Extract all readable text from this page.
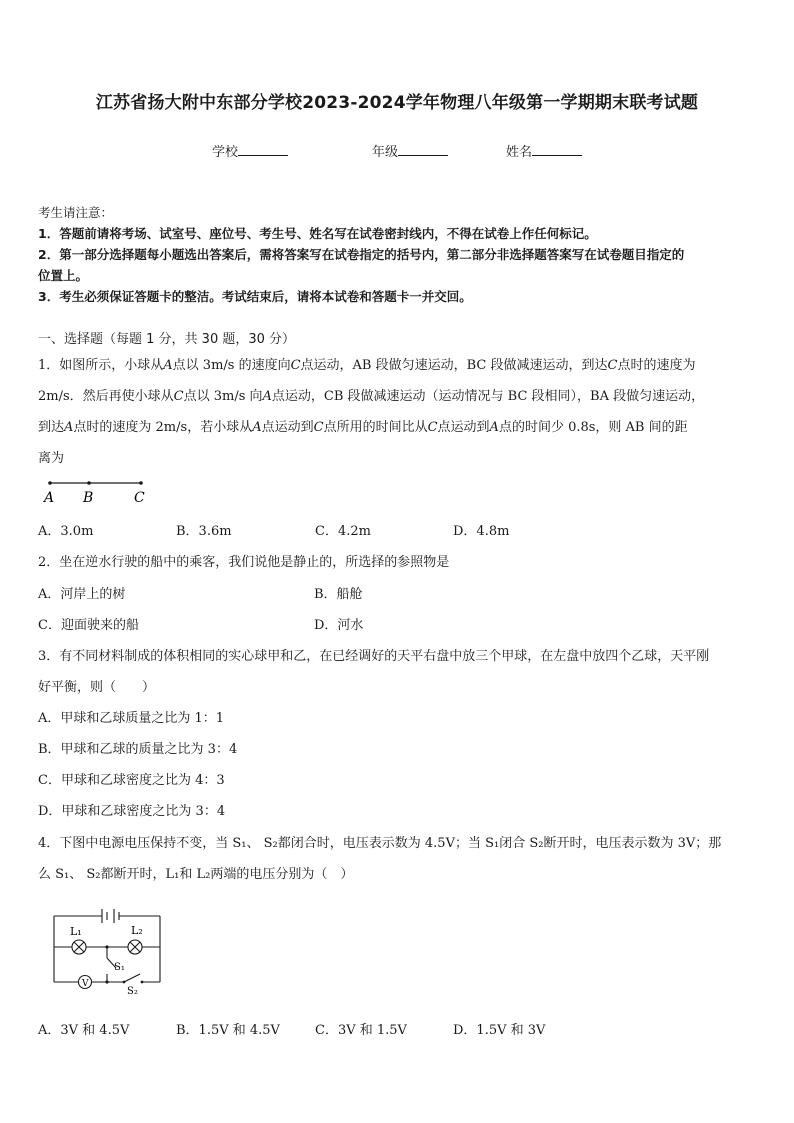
江苏省扬大附中东部分学校2023-2024学年物理八年级第一学期期末联考试题
学校	年级	姓名
考生请注意：
1．答题前请将考场、试室号、座位号、考生号、姓名写在试卷密封线内，不得在试卷上作任何标记。
2．第一部分选择题每小题选出答案后，需将答案写在试卷指定的括号内，第二部分非选择题答案写在试卷题目指定的
位置上。
3．考生必须保证答题卡的整洁。考试结束后，请将本试卷和答题卡一并交回。
一、选择题（每题 1 分，共 30 题，30 分）
1．如图所示，小球从A点以 3m/s 的速度向C点运动，AB 段做匀速运动，BC 段做减速运动，到达C点时的速度为
2m/s．然后再使小球从C点以 3m/s 向A点运动，CB 段做减速运动（运动情况与 BC 段相同），BA 段做匀速运动，
到达A点时的速度为 2m/s，若小球从A点运动到C点所用的时间比从C点运动到A点的时间少 0.8s，则 AB 间的距
离为
A B	C
A．3.0m	B．3.6m	C．4.2m	D．4.8m
2．坐在逆水行驶的船中的乘客，我们说他是静止的，所选择的参照物是
A．河岸上的树	B．船舱
C．迎面驶来的船	D．河水
3．有不同材料制成的体积相同的实心球甲和乙，在已经调好的天平右盘中放三个甲球，在左盘中放四个乙球，天平刚
好平衡，则（　　）
A．甲球和乙球质量之比为 1：1
B．甲球和乙球的质量之比为 3：4
C．甲球和乙球密度之比为 4：3
D．甲球和乙球密度之比为 3：4
4．下图中电源电压保持不变，当 S₁、 S₂都闭合时，电压表示数为 4.5V；当 S₁闭合 S₂断开时，电压表示数为 3V；那
么 S₁、 S₂都断开时，L₁和 L₂两端的电压分别为（　）
L₁	L₂
S₁
S₂
V
A．3V 和 4.5V	B．1.5V 和 4.5V	C．3V 和 1.5V	D．1.5V 和 3V
